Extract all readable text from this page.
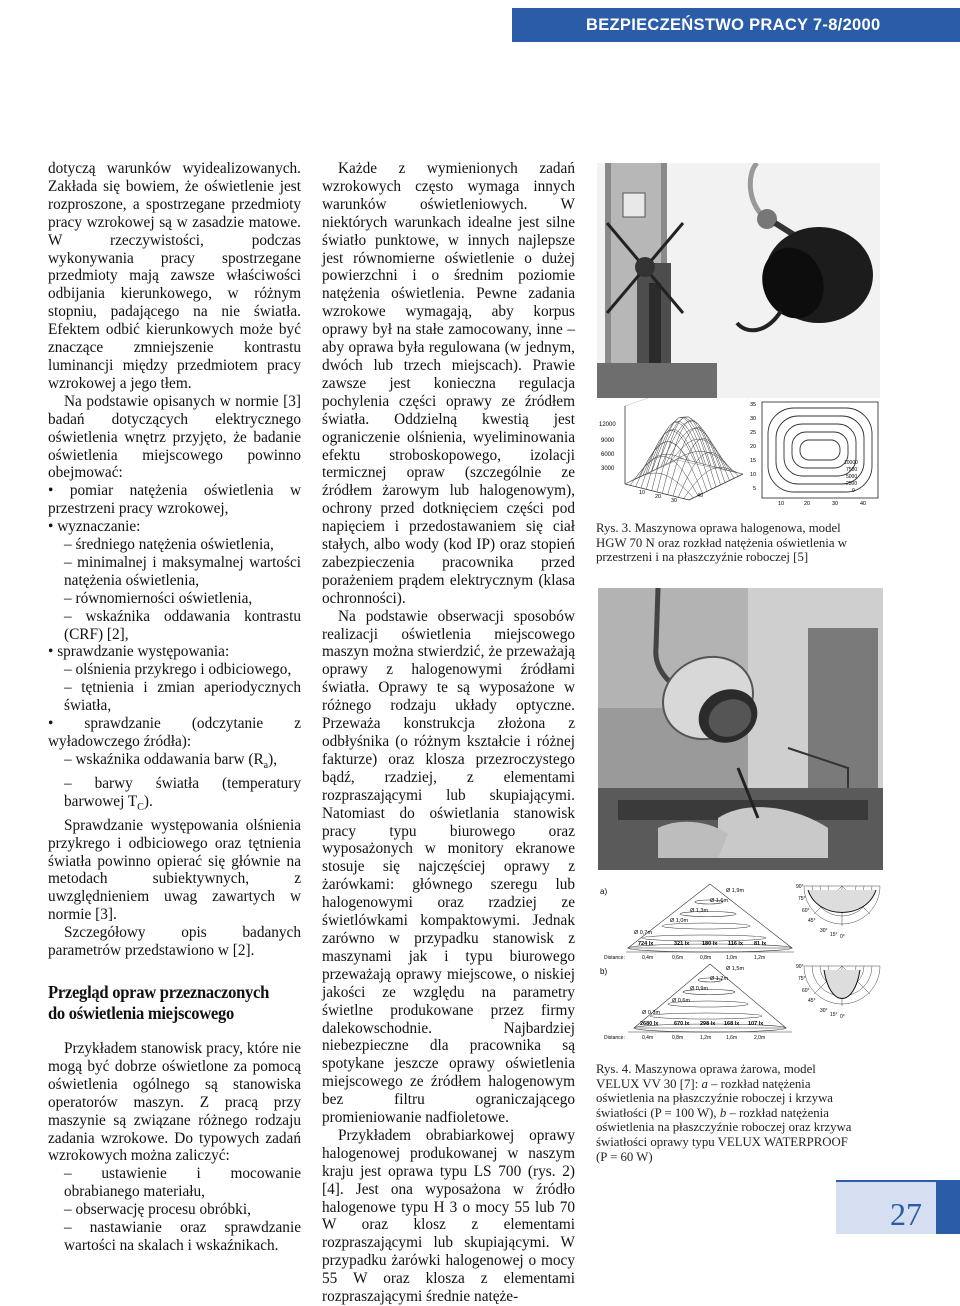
BEZPIECZEŃSTWO PRACY 7-8/2000

dotyczą warunków wyidealizowanych. Zakłada się bowiem, że oświetlenie jest rozproszone, a spostrzegane przedmioty pracy wzrokowej są w zasadzie matowe. W rzeczywistości, podczas wykonywania pracy spostrzegane przedmioty mają zawsze właściwości odbijania kierunkowego, w różnym stopniu, padającego na nie światła. Efektem odbić kierunkowych może być znaczące zmniejszenie kontrastu luminancji między przedmiotem pracy wzrokowej a jego tłem.

Na podstawie opisanych w normie [3] badań dotyczących elektrycznego oświetlenia wnętrz przyjęto, że badanie oświetlenia miejscowego powinno obejmować:

• pomiar natężenia oświetlenia w przestrzeni pracy wzrokowej,

• wyznaczanie:

– średniego natężenia oświetlenia,

– minimalnej i maksymalnej wartości natężenia oświetlenia,

– równomierności oświetlenia,

– wskaźnika oddawania kontrastu (CRF) [2],

• sprawdzanie występowania:

– olśnienia przykrego i odbiciowego,

– tętnienia i zmian aperiodycznych światła,

• sprawdzanie (odczytanie z wyładowczego źródła):

– wskaźnika oddawania barw $(R_a)$,

– barwy światła (temperatury barwowej $T_C$).

Sprawdzanie występowania olśnienia przykrego i odbiciowego oraz tętnienia światła powinno opierać się głównie na metodach subiektywnych, z uwzględnieniem uwag zawartych w normie [3].

Szczegółowy opis badanych parametrów przedstawiono w [2].

Przegląd opraw przeznaczonych do oświetlenia miejscowego

Przykładem stanowisk pracy, które nie mogą być dobrze oświetlone za pomocą oświetlenia ogólnego są stanowiska operatorów maszyn. Z pracą przy maszynie są związane różnego rodzaju zadania wzrokowe. Do typowych zadań wzrokowych można zaliczyć:

– ustawienie i mocowanie obrabianego materiału,

– obserwację procesu obróbki,

– nastawianie oraz sprawdzanie wartości na skalach i wskaźnikach.

Każde z wymienionych zadań wzrokowych często wymaga innych warunków oświetleniowych. W niektórych warunkach idealne jest silne światło punktowe, w innych najlepsze jest równomierne oświetlenie o dużej powierzchni i o średnim poziomie natężenia oświetlenia. Pewne zadania wzrokowe wymagają, aby korpus oprawy był na stałe zamocowany, inne – aby oprawa była regulowana (w jednym, dwóch lub trzech miejscach). Prawie zawsze jest konieczna regulacja pochylenia części oprawy ze źródłem światła. Oddzielną kwestią jest ograniczenie olśnienia, wyeliminowania efektu stroboskopowego, izolacji termicznej opraw (szczególnie ze źródłem żarowym lub halogenowym), ochrony przed dotknięciem części pod napięciem i przedostawaniem się ciał stałych, albo wody (kod IP) oraz stopień zabezpieczenia pracownika przed porażeniem prądem elektrycznym (klasa ochronności).

Na podstawie obserwacji sposobów realizacji oświetlenia miejscowego maszyn można stwierdzić, że przeważają oprawy z halogenowymi źródłami światła. Oprawy te są wyposażone w różnego rodzaju układy optyczne. Przeważa konstrukcja złożona z odbłyśnika (o różnym kształcie i różnej fakturze) oraz klosza przezroczystego bądź, rzadziej, z elementami rozpraszającymi lub skupiającymi. Natomiast do oświetlania stanowisk pracy typu biurowego oraz wyposażonych w monitory ekranowe stosuje się najczęściej oprawy z żarówkami: głównego szeregu lub halogenowymi oraz rzadziej ze świetlówkami kompaktowymi. Jednak zarówno w przypadku stanowisk z maszynami jak i typu biurowego przeważają oprawy miejscowe, o niskiej jakości ze względu na parametry świetlne produkowane przez firmy dalekowschodnie. Najbardziej niebezpieczne dla pracownika są spotykane jeszcze oprawy oświetlenia miejscowego ze źródłem halogenowym bez filtru ograniczającego promieniowanie nadfioletowe.

Przykładem obrabiarkowej oprawy halogenowej produkowanej w naszym kraju jest oprawa typu LS 700 (rys. 2) [4]. Jest ona wyposażona w źródło halogenowe typu H 3 o mocy 55 lub 70 W oraz klosz z elementami rozpraszającymi lub skupiającymi. W przypadku żarówki halogenowej o mocy 55 W oraz klosza z elementami rozpraszającymi średnie natęże-

12000
9000
6000
3000
10
20
30
40
35
30
25
20
15
10
5
10	20	30	40
10000
7500
5000
2500
0
Rys. 3. Maszynowa oprawa halogenowa, model HGW 70 N oraz rozkład natężenia oświetlenia w przestrzeni i na płaszczyźnie roboczej [5]
a)
b)
Ø 0,7m
Ø 1,0m
Ø 1,3m
Ø 1,6m
Ø 1,9m
724 lx	321 lx 180 lx 116 lx 81 lx
Distance:	0,4m	0,6m	0,8m	1,0m	1,2m
Ø 0,3m
Ø 0,6m
Ø 0,9m
Ø 1,2m
Ø 1,5m
2680 lx	670 lx 298 lx 168 lx 107 lx
Distance:	0,4m	0,8m	1,2m	1,6m	2,0m
90°
75°
60°
45°
30°
15° 0°
90°
75°
60°
45°
30°
15° 0°
Rys. 4. Maszynowa oprawa żarowa, model VELUX VV 30 [7]: a – rozkład natężenia oświetlenia na płaszczyźnie roboczej i krzywa światłości (P = 100 W), b – rozkład natężenia oświetlenia na płaszczyźnie roboczej oraz krzywa światłości oprawy typu VELUX WATERPROOF (P = 60 W)
27
